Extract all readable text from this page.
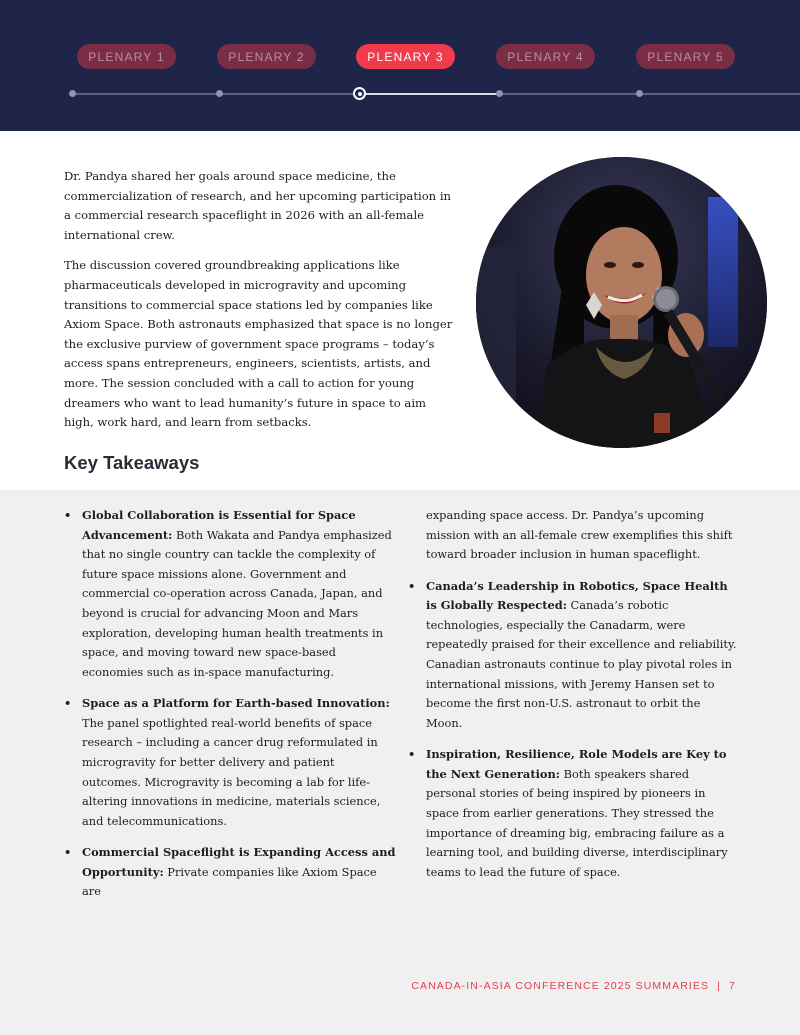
PLENARY 1	PLENARY 2	PLENARY 3	PLENARY 4	PLENARY 5

Dr. Pandya shared her goals around space medicine, the commercialization of research, and her upcoming participation in a commercial research spaceflight in 2026 with an all-female international crew.

The discussion covered groundbreaking applications like pharmaceuticals developed in microgravity and upcoming transitions to commercial space stations led by companies like Axiom Space. Both astronauts emphasized that space is no longer the exclusive purview of government space programs – today’s access spans entrepreneurs, engineers, scientists, artists, and more. The session concluded with a call to action for young dreamers who want to lead humanity’s future in space to aim high, work hard, and learn from setbacks.

Key Takeaways
• Global Collaboration is Essential for Space Advancement: Both Wakata and Pandya emphasized that no single country can tackle the complexity of future space missions alone. Government and commercial co-operation across Canada, Japan, and beyond is crucial for advancing Moon and Mars exploration, developing human health treatments in space, and moving toward new space-based economies such as in-space manufacturing.
• Space as a Platform for Earth-based Innovation: The panel spotlighted real-world benefits of space research – including a cancer drug reformulated in microgravity for better delivery and patient outcomes. Microgravity is becoming a lab for life-altering innovations in medicine, materials science, and telecommunications.
• Commercial Spaceflight is Expanding Access and Opportunity: Private companies like Axiom Space are
expanding space access. Dr. Pandya’s upcoming mission with an all-female crew exemplifies this shift toward broader inclusion in human spaceflight.
• Canada’s Leadership in Robotics, Space Health is Globally Respected: Canada’s robotic technologies, especially the Canadarm, were repeatedly praised for their excellence and reliability. Canadian astronauts continue to play pivotal roles in international missions, with Jeremy Hansen set to become the first non-U.S. astronaut to orbit the Moon.
• Inspiration, Resilience, Role Models are Key to the Next Generation: Both speakers shared personal stories of being inspired by pioneers in space from earlier generations. They stressed the importance of dreaming big, embracing failure as a learning tool, and building diverse, interdisciplinary teams to lead the future of space.
CANADA-IN-ASIA CONFERENCE 2025 SUMMARIES | 7
